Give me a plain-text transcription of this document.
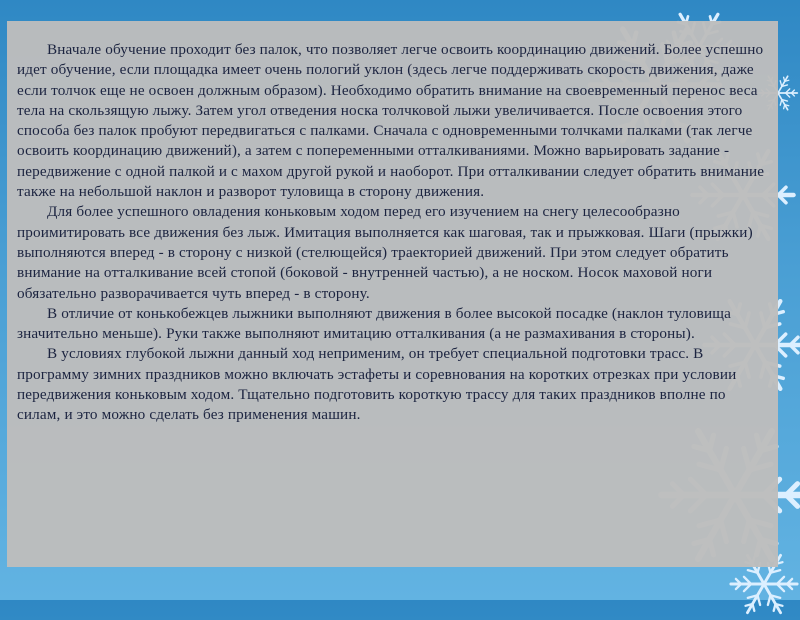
Вначале обучение проходит без палок, что позволяет легче освоить координацию движений. Более успешно идет обучение, если площадка имеет очень пологий уклон (здесь легче поддерживать скорость движения, даже если толчок еще не освоен должным образом). Необходимо обратить внимание на своевременный перенос веса тела на скользящую лыжу. Затем угол отведения носка толчковой лыжи увеличивается. После освоения этого способа без палок пробуют передвигаться с палками. Сначала с одновременными толчками палками (так легче освоить координацию движений), а затем с попеременными отталкиваниями. Можно варьировать задание - передвижение с одной палкой и с махом другой рукой и наоборот. При отталкивании следует обратить внимание также на небольшой наклон и разворот туловища в сторону движения.

Для более успешного овладения коньковым ходом перед его изучением на снегу целесообразно проимитировать все движения без лыж. Имитация выполняется как шаговая, так и прыжковая. Шаги (прыжки) выполняются вперед - в сторону с низкой (стелющейся) траекторией движений. При этом следует обратить внимание на отталкивание всей стопой (боковой - внутренней частью), а не носком. Носок маховой ноги обязательно разворачивается чуть вперед - в сторону.

В отличие от конькобежцев лыжники выполняют движения в более высокой посадке (наклон туловища значительно меньше). Руки также выполняют имитацию отталкивания (а не размахивания в стороны).

В условиях глубокой лыжни данный ход неприменим, он требует специальной подготовки трасс. В программу зимних праздников можно включать эстафеты и соревнования на коротких отрезках при условии передвижения коньковым ходом. Тщательно подготовить короткую трассу для таких праздников вполне по силам, и это можно сделать без применения машин.
